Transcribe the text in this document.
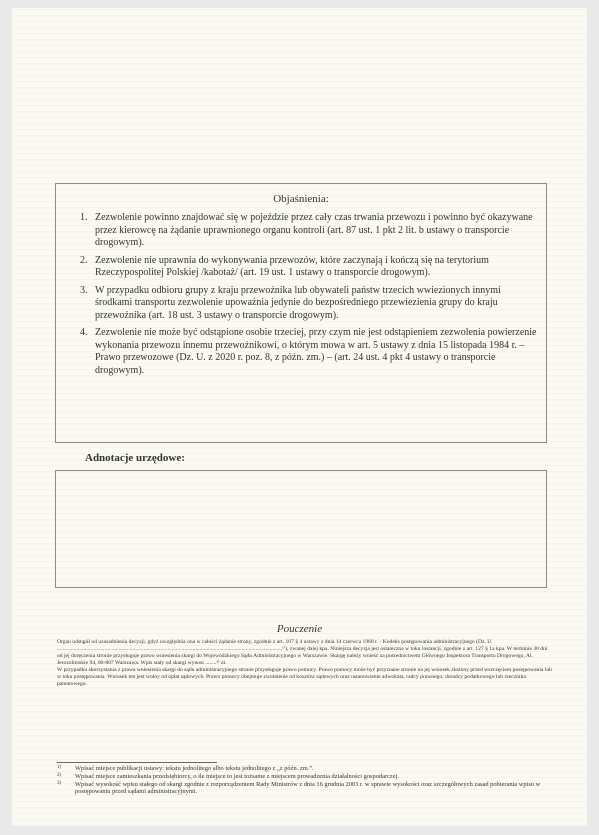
Objaśnienia:
1. Zezwolenie powinno znajdować się w pojeździe przez cały czas trwania przewozu i powinno być okazywane przez kierowcę na żądanie uprawnionego organu kontroli (art. 87 ust. 1 pkt 2 lit. b ustawy o transporcie drogowym).
2. Zezwolenie nie uprawnia do wykonywania przewozów, które zaczynają i kończą się na terytorium Rzeczypospolitej Polskiej /kabotaż/ (art. 19 ust. 1 ustawy o transporcie drogowym).
3. W przypadku odbioru grupy z kraju przewoźnika lub obywateli państw trzecich wwiezionych innymi środkami transportu zezwolenie upoważnia jedynie do bezpośredniego przewiezienia grupy do kraju przewoźnika (art. 18 ust. 3 ustawy o transporcie drogowym).
4. Zezwolenie nie może być odstąpione osobie trzeciej, przy czym nie jest odstąpieniem zezwolenia powierzenie wykonania przewozu innemu przewoźnikowi, o którym mowa w art. 5 ustawy z dnia 15 listopada 1984 r. – Prawo przewozowe (Dz. U. z 2020 r. poz. 8, z późn. zm.) – (art. 24 ust. 4 pkt 4 ustawy o transporcie drogowym).
Adnotacje urzędowe:
Pouczenie

Organ odstąpił od uzasadnienia decyzji, gdyż uwzględnia ona w całości żądanie strony, zgodnie z art. 107 § 4 ustawy z dnia 14 czerwca 1960 r. - Kodeks postępowania administracyjnego (Dz. U. .................................................................................................................................................................¹⁾), zwanej dalej kpa. Niniejsza decyzja jest ostateczna w toku instancji, zgodnie z art. 127 § 1a kpa. W terminie 30 dni od jej doręczenia stronie przysługuje prawo wniesienia skargi do Wojewódzkiego Sądu Administracyjnego w Warszawie. Skargę należy wnieść za pośrednictwem Głównego Inspektora Transportu Drogowego, Al. Jerozolimskie 94, 00-807 Warszawa. Wpis stały od skargi wynosi ........³⁾ zł.

W przypadku skorzystania z prawa wniesienia skargi do sądu administracyjnego stronie przysługuje prawo pomocy. Prawo pomocy może być przyznane stronie na jej wniosek złożony przed wszczęciem postępowania lub w toku postępowania. Wniosek ten jest wolny od opłat sądowych. Prawo pomocy obejmuje zwolnienie od kosztów sądowych oraz ustanowienie adwokata, radcy prawnego, doradcy podatkowego lub rzecznika patentowego.

1) Wpisać miejsce publikacji ustawy: tekstu jednolitego albo tekstu jednolitego z „z późn. zm.”.
2) Wpisać miejsce zamieszkania przedsiębiorcy, o ile miejsce to jest tożsame z miejscem prowadzenia działalności gospodarczej.
3) Wpisać wysokość wpisu stałego od skargi zgodnie z rozporządzeniem Rady Ministrów z dnia 16 grudnia 2003 r. w sprawie wysokości oraz szczegółowych zasad pobierania wpisu w postępowaniu przed sądami administracyjnymi.
